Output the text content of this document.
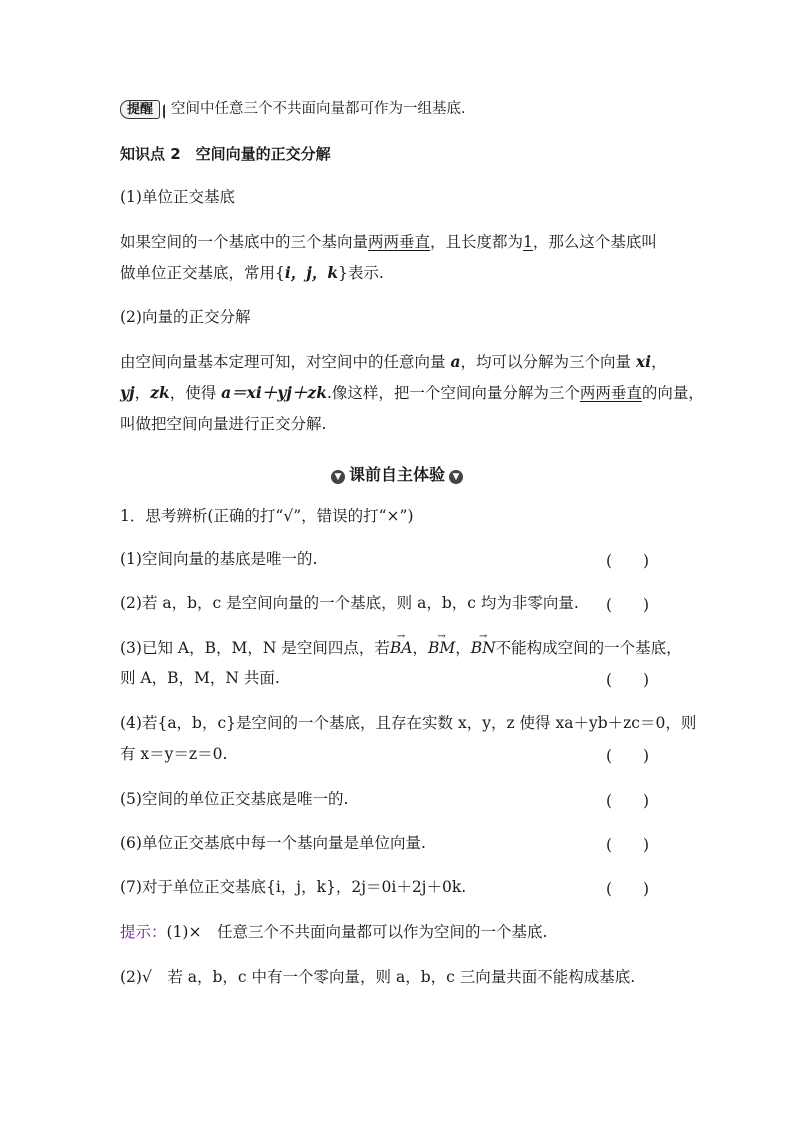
提醒 空间中任意三个不共面向量都可作为一组基底.
知识点 2　空间向量的正交分解
(1)单位正交基底
如果空间的一个基底中的三个基向量两两垂直，且长度都为1，那么这个基底叫
做单位正交基底，常用{i，j，k}表示.
(2)向量的正交分解
由空间向量基本定理可知，对空间中的任意向量 a，均可以分解为三个向量 xi，
yj，zk，使得 a＝xi＋yj＋zk.像这样，把一个空间向量分解为三个两两垂直的向量，
叫做把空间向量进行正交分解.
▼ 课前自主体验 ▼
1．思考辨析(正确的打“√”，错误的打“×”)
(1)空间向量的基底是唯一的.	(　　)
(2)若 a，b，c 是空间向量的一个基底，则 a，b，c 均为非零向量. (　　)
(3)已知 A，B，M，N 是空间四点，若→ BA，→ BM，→ BN不能构成空间的一个基底，
则 A，B，M，N 共面.	(　　)
(4)若{a，b，c}是空间的一个基底，且存在实数 x，y，z 使得 xa＋yb＋zc＝0，则
有 x＝y＝z＝0.	(　　)
(5)空间的单位正交基底是唯一的.	(　　)
(6)单位正交基底中每一个基向量是单位向量.	(　　)
(7)对于单位正交基底{i，j，k}，2j＝0i＋2j＋0k.	(　　)
提示：(1)×　任意三个不共面向量都可以作为空间的一个基底.
(2)√　若 a，b，c 中有一个零向量，则 a，b，c 三向量共面不能构成基底.
